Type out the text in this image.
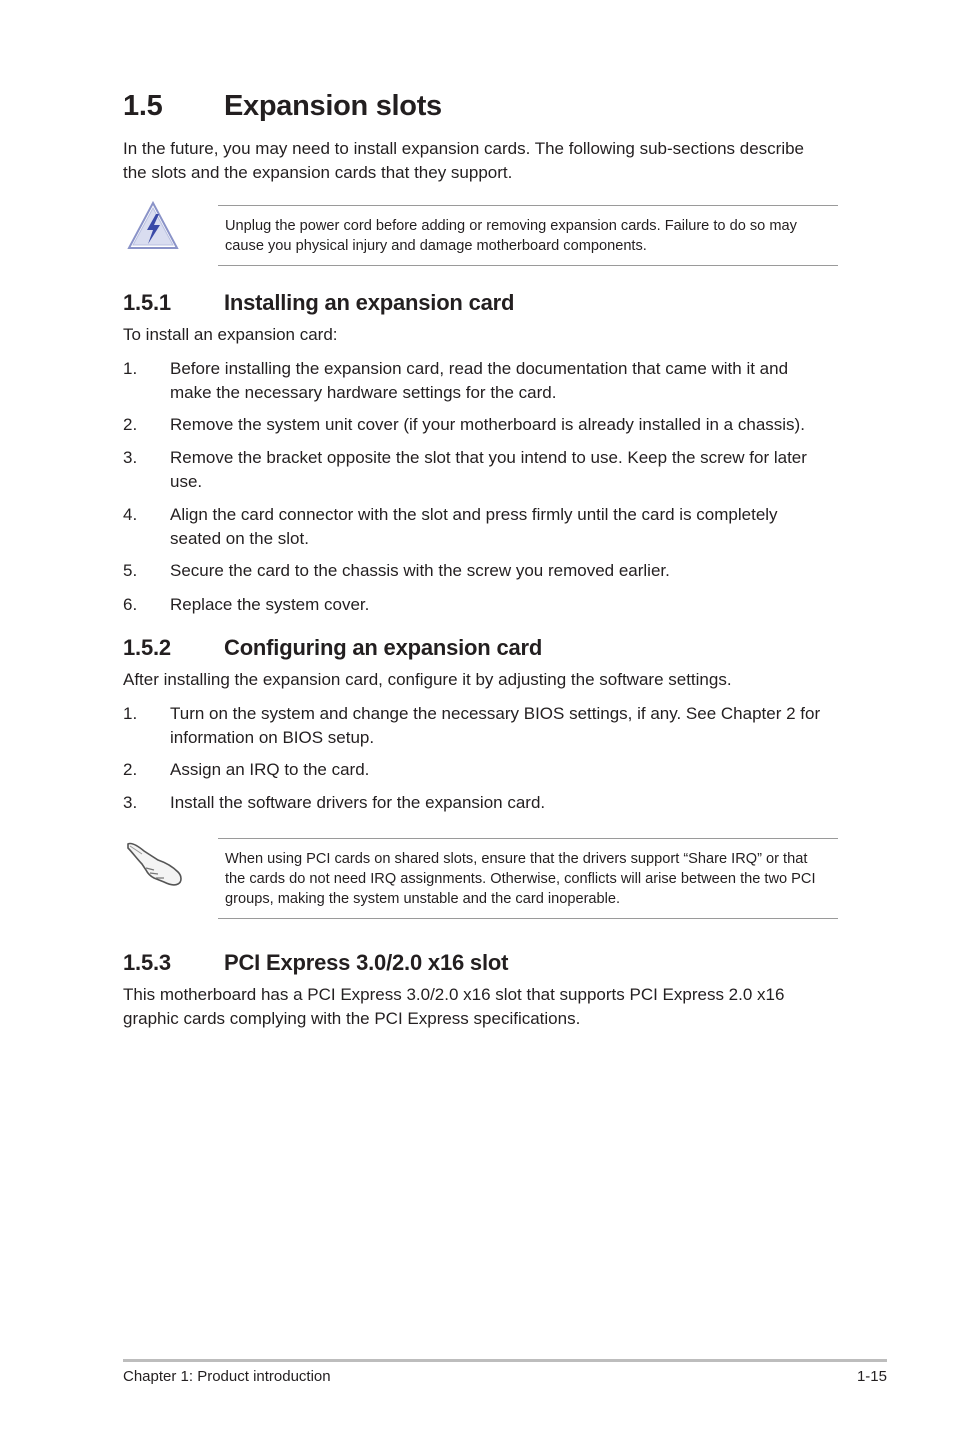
1.5 Expansion slots
In the future, you may need to install expansion cards. The following sub-sections describe
the slots and the expansion cards that they support.
Unplug the power cord before adding or removing expansion cards. Failure to do so may
cause you physical injury and damage motherboard components.
1.5.1 Installing an expansion card
To install an expansion card:
1. Before installing the expansion card, read the documentation that came with it and
make the necessary hardware settings for the card.
2. Remove the system unit cover (if your motherboard is already installed in a chassis).
3. Remove the bracket opposite the slot that you intend to use. Keep the screw for later
use.
4. Align the card connector with the slot and press firmly until the card is completely
seated on the slot.
5. Secure the card to the chassis with the screw you removed earlier.
6. Replace the system cover.
1.5.2 Configuring an expansion card
After installing the expansion card, configure it by adjusting the software settings.
1. Turn on the system and change the necessary BIOS settings, if any. See Chapter 2 for
information on BIOS setup.
2. Assign an IRQ to the card.
3. Install the software drivers for the expansion card.
When using PCI cards on shared slots, ensure that the drivers support “Share IRQ” or that
the cards do not need IRQ assignments. Otherwise, conflicts will arise between the two PCI
groups, making the system unstable and the card inoperable.
1.5.3 PCI Express 3.0/2.0 x16 slot
This motherboard has a PCI Express 3.0/2.0 x16 slot that supports PCI Express 2.0 x16
graphic cards complying with the PCI Express specifications.
Chapter 1: Product introduction	1-15
